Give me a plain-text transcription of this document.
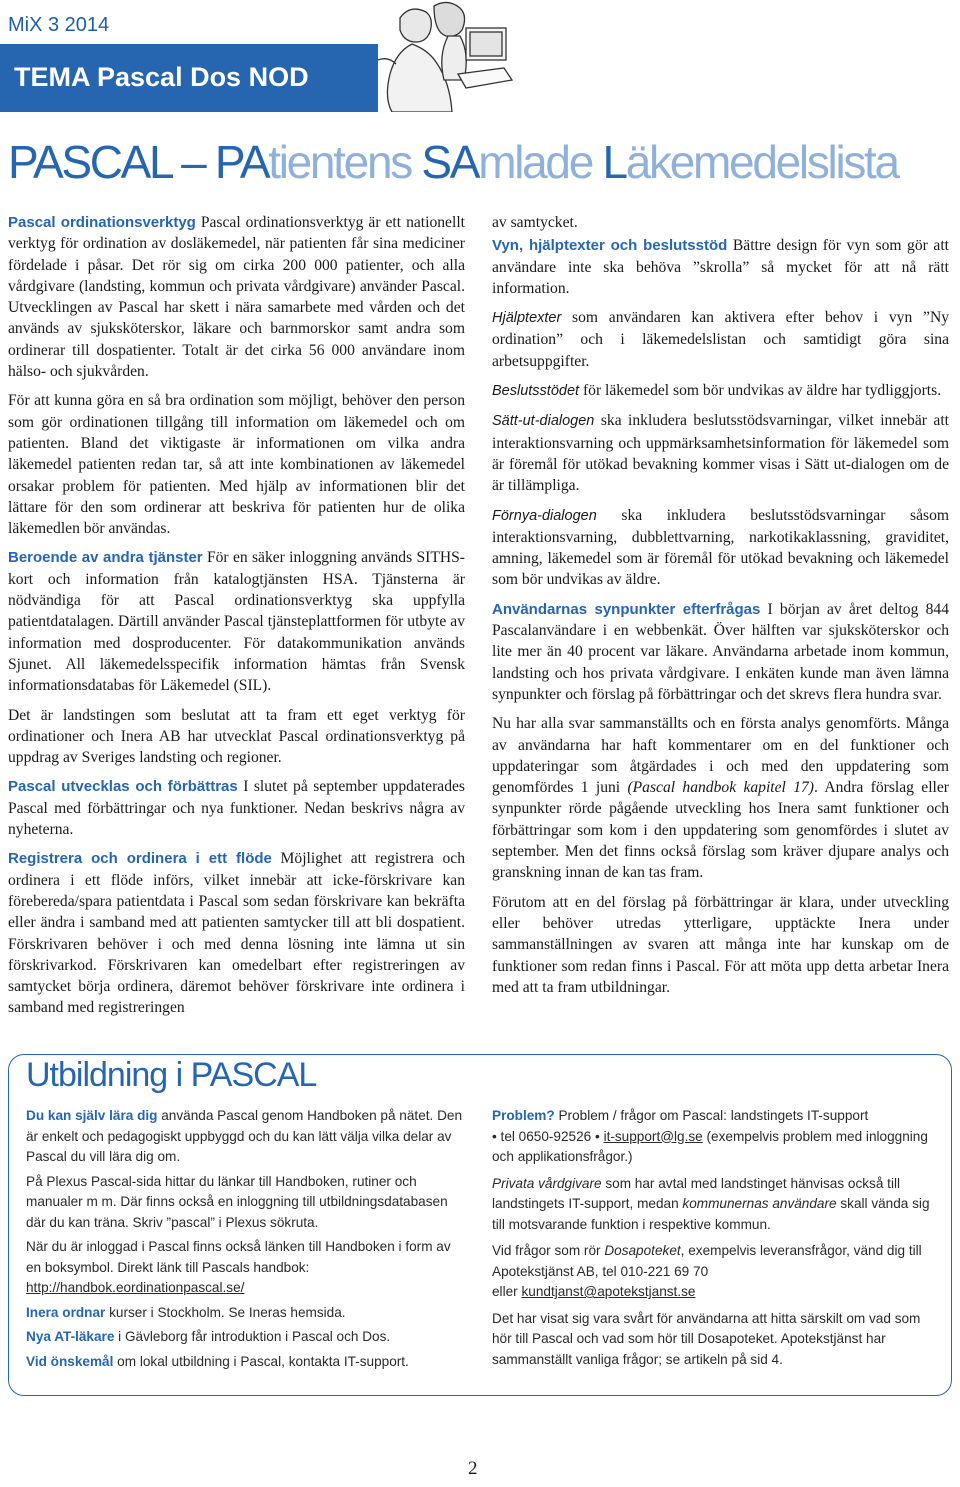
MiX 3 2014
TEMA Pascal Dos NOD
PASCAL – PAtientens SAmlade Läkemedelslista

Pascal ordinationsverktyg Pascal ordinationsverktyg är ett nationellt verktyg för ordination av dosläkemedel, när patienten får sina mediciner fördelade i påsar. Det rör sig om cirka 200 000 patienter, och alla vårdgivare (landsting, kommun och privata vårdgivare) använder Pascal. Utvecklingen av Pascal har skett i nära samarbete med vården och det används av sjuksköterskor, läkare och barnmorskor samt andra som ordinerar till dospatienter. Totalt är det cirka 56 000 användare inom hälso- och sjukvården.

För att kunna göra en så bra ordination som möjligt, behöver den person som gör ordinationen tillgång till information om läkemedel och om patienten. Bland det viktigaste är informationen om vilka andra läkemedel patienten redan tar, så att inte kombinationen av läkemedel orsakar problem för patienten. Med hjälp av informationen blir det lättare för den som ordinerar att beskriva för patienten hur de olika läkemedlen bör användas.

Beroende av andra tjänster För en säker inloggning används SITHS-kort och information från katalogtjänsten HSA. Tjänsterna är nödvändiga för att Pascal ordinationsverktyg ska uppfylla patientdatalagen. Därtill använder Pascal tjänsteplattformen för utbyte av information med dosproducenter. För datakommunikation används Sjunet. All läkemedelsspecifik information hämtas från Svensk informationsdatabas för Läkemedel (SIL).

Det är landstingen som beslutat att ta fram ett eget verktyg för ordinationer och Inera AB har utvecklat Pascal ordinationsverktyg på uppdrag av Sveriges landsting och regioner.

Pascal utvecklas och förbättras I slutet på september uppdaterades Pascal med förbättringar och nya funktioner. Nedan beskrivs några av nyheterna.

Registrera och ordinera i ett flöde Möjlighet att registrera och ordinera i ett flöde införs, vilket innebär att icke-förskrivare kan förebereda/spara patientdata i Pascal som sedan förskrivare kan bekräfta eller ändra i samband med att patienten samtycker till att bli dospatient. Förskrivaren behöver i och med denna lösning inte lämna ut sin förskrivarkod. Förskrivaren kan omedelbart efter registreringen av samtycket börja ordinera, däremot behöver förskrivare inte ordinera i samband med registreringen

av samtycket.

Vyn, hjälptexter och beslutsstöd Bättre design för vyn som gör att användare inte ska behöva ”skrolla” så mycket för att nå rätt information.

Hjälptexter som användaren kan aktivera efter behov i vyn ”Ny ordination” och i läkemedelslistan och samtidigt göra sina arbetsuppgifter.

Beslutsstödet för läkemedel som bör undvikas av äldre har tydliggjorts.

Sätt-ut-dialogen ska inkludera beslutsstödsvarningar, vilket innebär att interaktionsvarning och uppmärksamhetsinformation för läkemedel som är föremål för utökad bevakning kommer visas i Sätt ut-dialogen om de är tillämpliga.

Förnya-dialogen ska inkludera beslutsstödsvarningar såsom interaktionsvarning, dubblettvarning, narkotikaklassning, graviditet, amning, läkemedel som är föremål för utökad bevakning och läkemedel som bör undvikas av äldre.

Användarnas synpunkter efterfrågas I början av året deltog 844 Pascalanvändare i en webbenkät. Över hälften var sjuksköterskor och lite mer än 40 procent var läkare. Användarna arbetade inom kommun, landsting och hos privata vårdgivare. I enkäten kunde man även lämna synpunkter och förslag på förbättringar och det skrevs flera hundra svar.

Nu har alla svar sammanställts och en första analys genomförts. Många av användarna har haft kommentarer om en del funktioner och uppdateringar som åtgärdades i och med den uppdatering som genomfördes 1 juni (Pascal handbok kapitel 17). Andra förslag eller synpunkter rörde pågående utveckling hos Inera samt funktioner och förbättringar som kom i den uppdatering som genomfördes i slutet av september. Men det finns också förslag som kräver djupare analys och granskning innan de kan tas fram.

Förutom att en del förslag på förbättringar är klara, under utveckling eller behöver utredas ytterligare, upptäckte Inera under sammanställningen av svaren att många inte har kunskap om de funktioner som redan finns i Pascal. För att möta upp detta arbetar Inera med att ta fram utbildningar.

Utbildning i PASCAL

Du kan själv lära dig använda Pascal genom Handboken på nätet. Den är enkelt och pedagogiskt uppbyggd och du kan lätt välja vilka delar av Pascal du vill lära dig om.

På Plexus Pascal-sida hittar du länkar till Handboken, rutiner och manualer m m. Där finns också en inloggning till utbildningsdatabasen där du kan träna. Skriv ”pascal” i Plexus sökruta.

När du är inloggad i Pascal finns också länken till Handboken i form av en boksymbol. Direkt länk till Pascals handbok:
http://handbok.eordinationpascal.se/

Inera ordnar kurser i Stockholm. Se Ineras hemsida.

Nya AT-läkare i Gävleborg får introduktion i Pascal och Dos.

Vid önskemål om lokal utbildning i Pascal, kontakta IT-support.

Problem? Problem / frågor om Pascal: landstingets IT-support
• tel 0650-92526 • it-support@lg.se (exempelvis problem med inloggning och applikationsfrågor.)

Privata vårdgivare som har avtal med landstinget hänvisas också till landstingets IT-support, medan kommunernas användare skall vända sig till motsvarande funktion i respektive kommun.

Vid frågor som rör Dosapoteket, exempelvis leveransfrågor, vänd dig till Apotekstjänst AB, tel 010-221 69 70
eller kundtjanst@apotekstjanst.se

Det har visat sig vara svårt för användarna att hitta särskilt om vad som hör till Pascal och vad som hör till Dosapoteket. Apotekstjänst har sammanställt vanliga frågor; se artikeln på sid 4.

2
